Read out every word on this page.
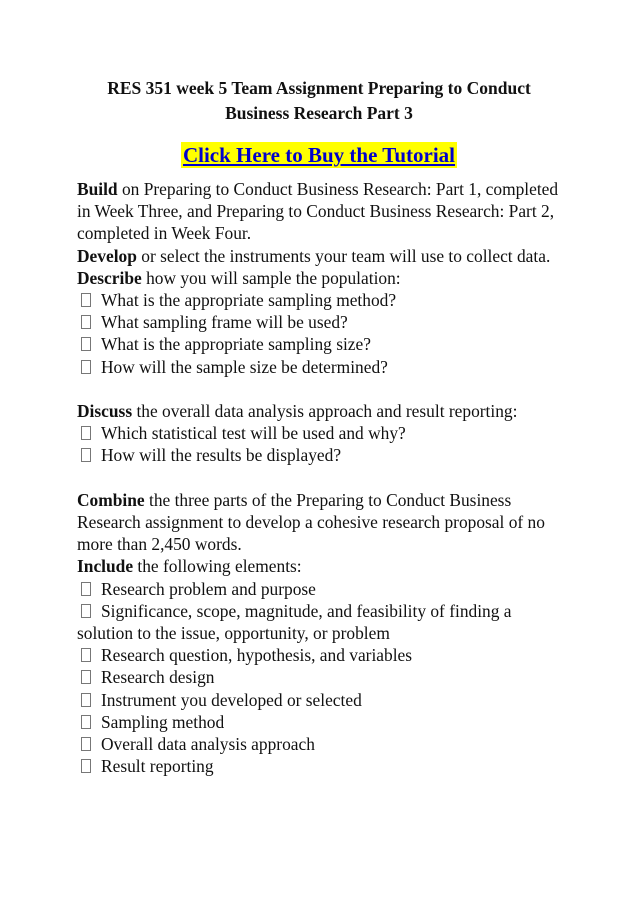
RES 351 week 5 Team Assignment Preparing to Conduct
Business Research Part 3
Click Here to Buy the Tutorial

Build on Preparing to Conduct Business Research: Part 1, completed in Week Three, and Preparing to Conduct Business Research: Part 2, completed in Week Four.

Develop or select the instruments your team will use to collect data.

Describe how you will sample the population:

What is the appropriate sampling method?

What sampling frame will be used?

What is the appropriate sampling size?

How will the sample size be determined?

Discuss the overall data analysis approach and result reporting:

Which statistical test will be used and why?

How will the results be displayed?

Combine the three parts of the Preparing to Conduct Business Research assignment to develop a cohesive research proposal of no more than 2,450 words.

Include the following elements:

Research problem and purpose

Significance, scope, magnitude, and feasibility of finding a solution to the issue, opportunity, or problem

Research question, hypothesis, and variables

Research design

Instrument you developed or selected

Sampling method

Overall data analysis approach

Result reporting
